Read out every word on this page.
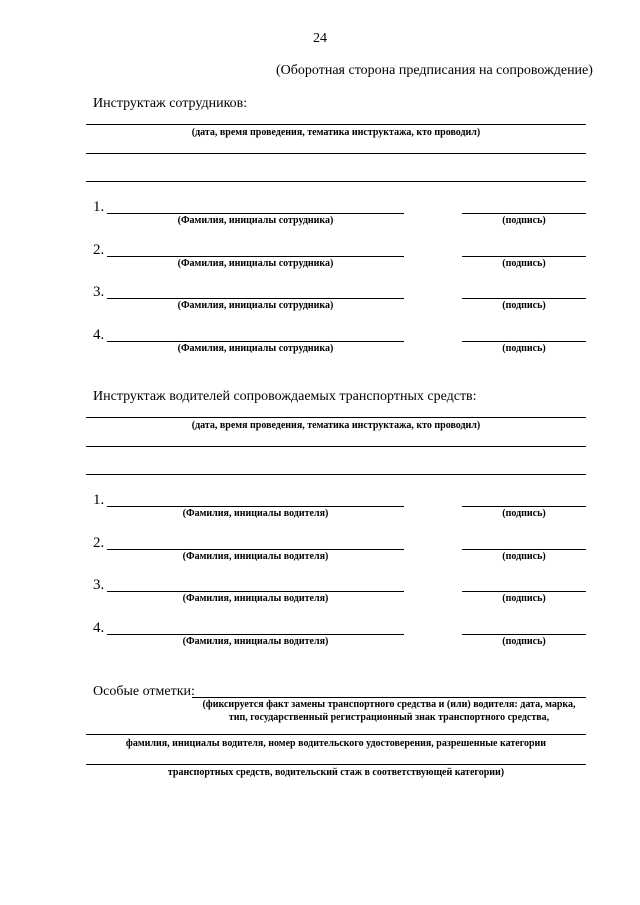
24
(Оборотная сторона предписания на сопровождение)
Инструктаж сотрудников:
(дата, время проведения, тематика инструктажа, кто проводил)
1.
(Фамилия, инициалы сотрудника)	(подпись)
2.
(Фамилия, инициалы сотрудника)	(подпись)
3.
(Фамилия, инициалы сотрудника)	(подпись)
4.
(Фамилия, инициалы сотрудника)	(подпись)
Инструктаж водителей сопровождаемых транспортных средств:
(дата, время проведения, тематика инструктажа, кто проводил)
1.
(Фамилия, инициалы водителя)	(подпись)
2.
(Фамилия, инициалы водителя)	(подпись)
3.
(Фамилия, инициалы водителя)	(подпись)
4.
(Фамилия, инициалы водителя)	(подпись)
Особые отметки:
(фиксируется факт замены транспортного средства и (или) водителя: дата, марка,
тип, государственный регистрационный знак транспортного средства,
фамилия, инициалы водителя, номер водительского удостоверения, разрешенные категории
транспортных средств, водительский стаж в соответствующей категории)
